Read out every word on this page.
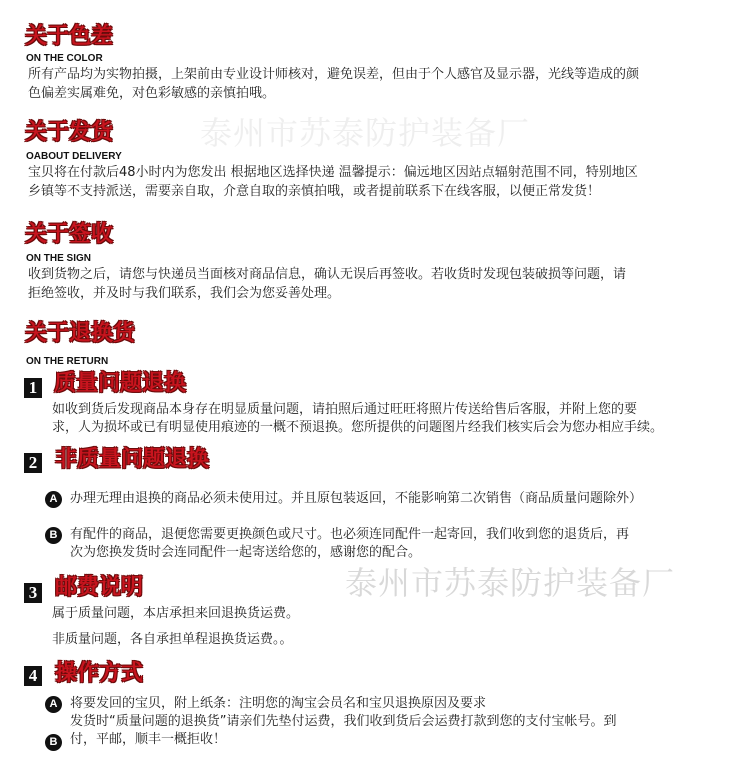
泰州市苏泰防护装备厂
泰州市苏泰防护装备厂
关于色差
ON THE COLOR
所有产品均为实物拍摄，上架前由专业设计师核对，避免误差，但由于个人感官及显示器，光线等造成的颜
色偏差实属难免，对色彩敏感的亲慎拍哦。
关于发货
OABOUT DELIVERY
宝贝将在付款后48小时内为您发出 根据地区选择快递 温馨提示：偏远地区因站点辐射范围不同，特别地区
乡镇等不支持派送，需要亲自取，介意自取的亲慎拍哦，或者提前联系下在线客服，以便正常发货！
关于签收
ON THE SIGN
收到货物之后，请您与快递员当面核对商品信息，确认无误后再签收。若收货时发现包装破损等问题，请
拒绝签收，并及时与我们联系，我们会为您妥善处理。
关于退换货
ON THE RETURN
1 质量问题退换
如收到货后发现商品本身存在明显质量问题，请拍照后通过旺旺将照片传送给售后客服，并附上您的要
求，人为损坏或已有明显使用痕迹的一概不预退换。您所提供的问题图片经我们核实后会为您办相应手续。
2 非质量问题退换
A 办理无理由退换的商品必须未使用过。并且原包装返回，不能影响第二次销售（商品质量问题除外）
B 有配件的商品，退便您需要更换颜色或尺寸。也必须连同配件一起寄回，我们收到您的退货后，再
次为您换发货时会连同配件一起寄送给您的，感谢您的配合。
3 邮费说明
属于质量问题，本店承担来回退换货运费。
非质量问题，各自承担单程退换货运费。。
4 操作方式
A 将要发回的宝贝，附上纸条：注明您的淘宝会员名和宝贝退换原因及要求
发货时“质量问题的退换货”请亲们先垫付运费，我们收到货后会运费打款到您的支付宝帐号。到
B 付，平邮，顺丰一概拒收！
